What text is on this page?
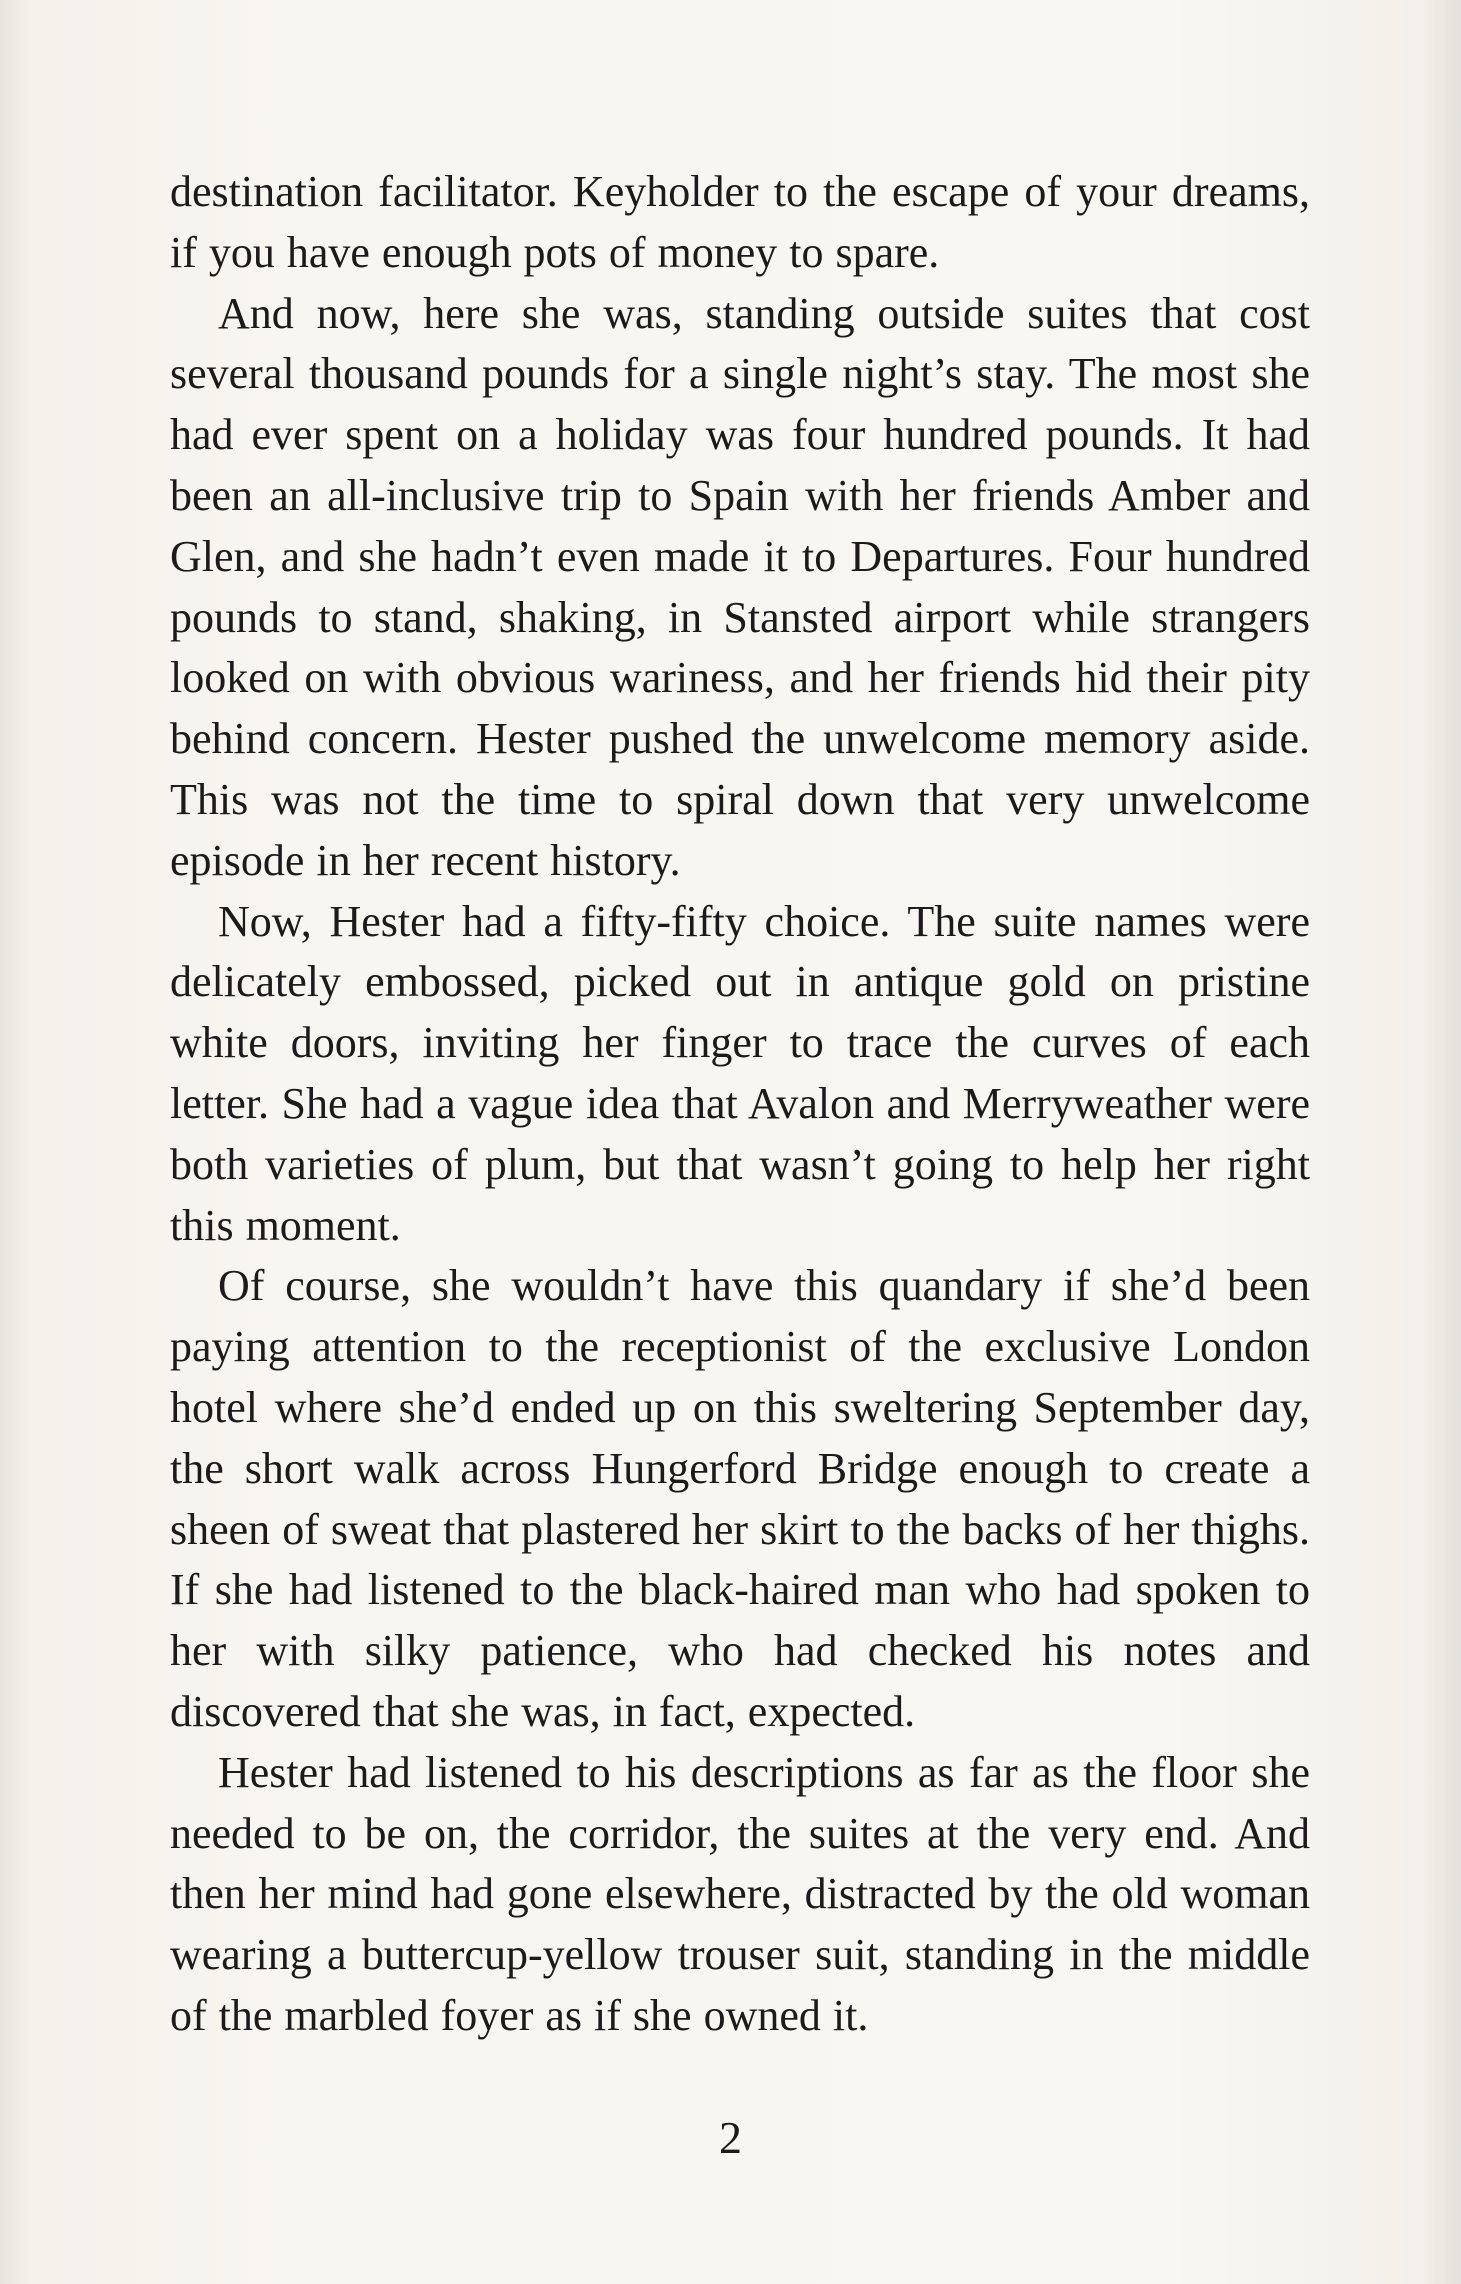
destination facilitator. Keyholder to the escape of your dreams, if you have enough pots of money to spare.

And now, here she was, standing outside suites that cost several thousand pounds for a single night’s stay. The most she had ever spent on a holiday was four hundred pounds. It had been an all-inclusive trip to Spain with her friends Amber and Glen, and she hadn’t even made it to Departures. Four hundred pounds to stand, shaking, in Stansted airport while strangers looked on with obvious wariness, and her friends hid their pity behind concern. Hester pushed the unwelcome memory aside. This was not the time to spiral down that very unwelcome episode in her recent history.

Now, Hester had a fifty-fifty choice. The suite names were delicately embossed, picked out in antique gold on pristine white doors, inviting her finger to trace the curves of each letter. She had a vague idea that Avalon and Merryweather were both varieties of plum, but that wasn’t going to help her right this moment.

Of course, she wouldn’t have this quandary if she’d been paying attention to the receptionist of the exclusive London hotel where she’d ended up on this sweltering September day, the short walk across Hungerford Bridge enough to create a sheen of sweat that plastered her skirt to the backs of her thighs. If she had listened to the black-haired man who had spoken to her with silky patience, who had checked his notes and discovered that she was, in fact, expected.

Hester had listened to his descriptions as far as the floor she needed to be on, the corridor, the suites at the very end. And then her mind had gone elsewhere, distracted by the old woman wearing a buttercup-yellow trouser suit, standing in the middle of the marbled foyer as if she owned it.

2
